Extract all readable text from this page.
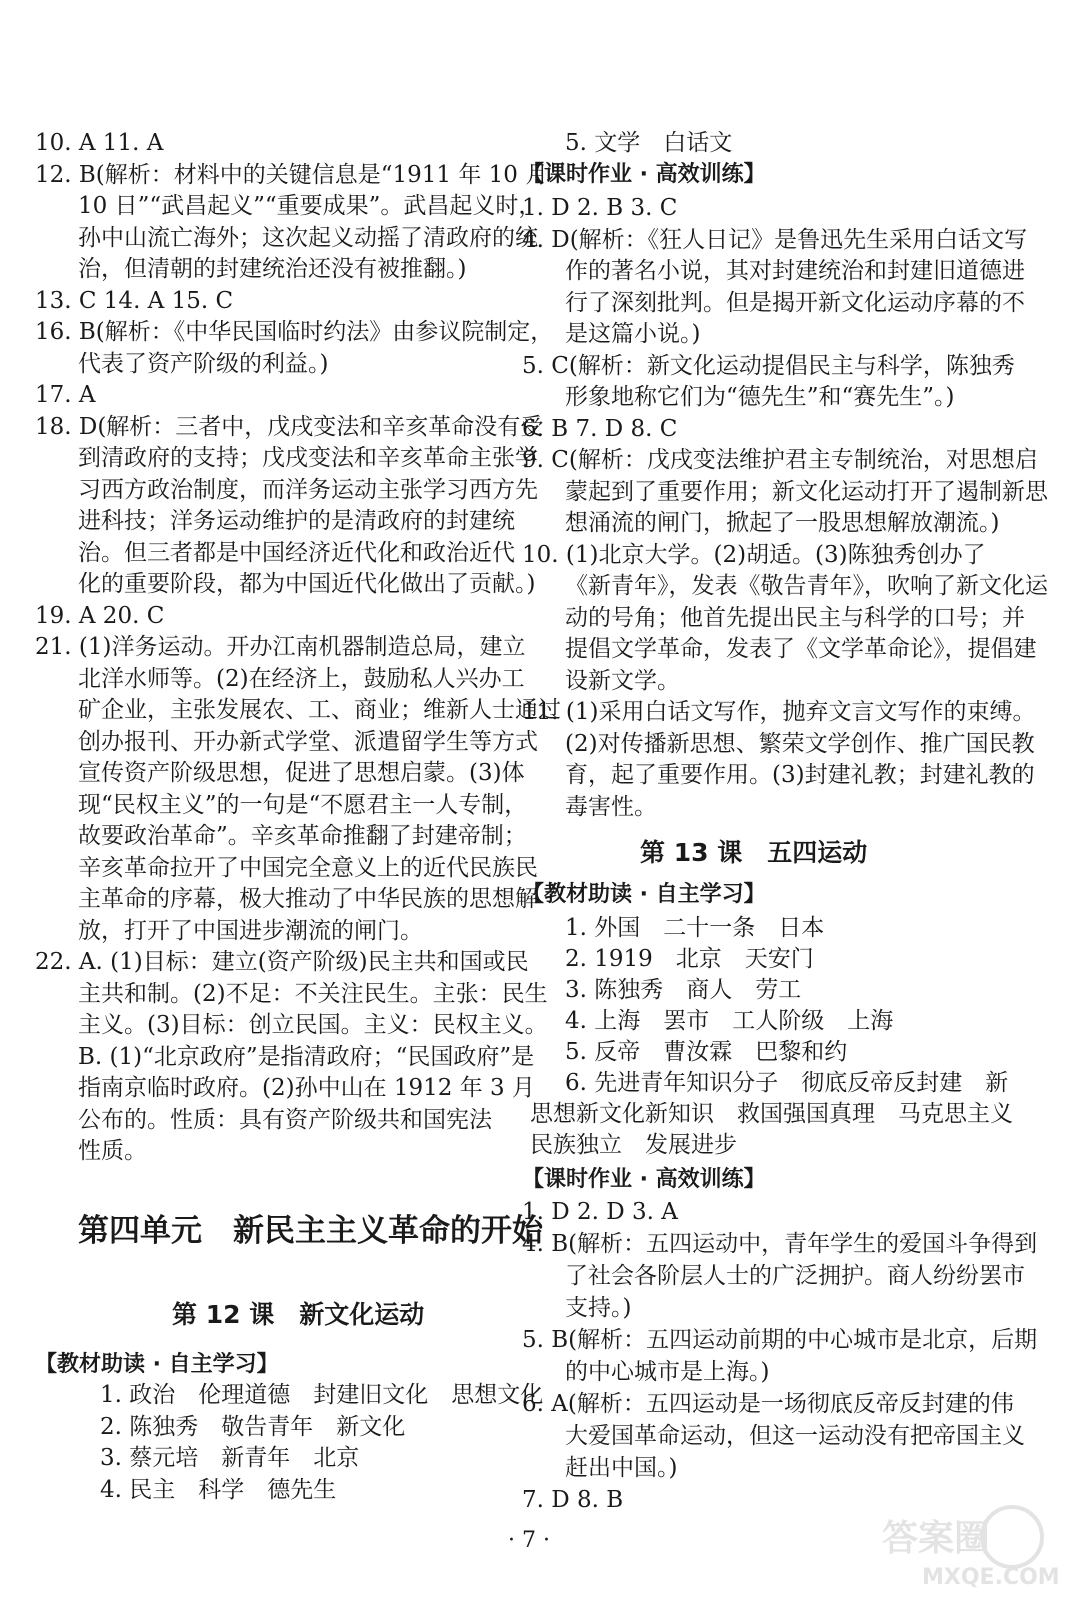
10. A 11. A
12. B(解析：材料中的关键信息是“1911 年 10 月
10 日”“武昌起义”“重要成果”。武昌起义时，
孙中山流亡海外；这次起义动摇了清政府的统
治，但清朝的封建统治还没有被推翻。)
13. C 14. A 15. C
16. B(解析：《中华民国临时约法》由参议院制定，
代表了资产阶级的利益。)
17. A
18. D(解析：三者中，戊戌变法和辛亥革命没有受
到清政府的支持；戊戌变法和辛亥革命主张学
习西方政治制度，而洋务运动主张学习西方先
进科技；洋务运动维护的是清政府的封建统
治。但三者都是中国经济近代化和政治近代
化的重要阶段，都为中国近代化做出了贡献。)
19. A 20. C
21. (1)洋务运动。开办江南机器制造总局，建立
北洋水师等。(2)在经济上，鼓励私人兴办工
矿企业，主张发展农、工、商业；维新人士通过
创办报刊、开办新式学堂、派遣留学生等方式
宣传资产阶级思想，促进了思想启蒙。(3)体
现“民权主义”的一句是“不愿君主一人专制，
故要政治革命”。辛亥革命推翻了封建帝制；
辛亥革命拉开了中国完全意义上的近代民族民
主革命的序幕，极大推动了中华民族的思想解
放，打开了中国进步潮流的闸门。
22. A. (1)目标：建立(资产阶级)民主共和国或民
主共和制。(2)不足：不关注民生。主张：民生
主义。(3)目标：创立民国。主义：民权主义。
B. (1)“北京政府”是指清政府；“民国政府”是
指南京临时政府。(2)孙中山在 1912 年 3 月
公布的。性质：具有资产阶级共和国宪法
性质。
第四单元　新民主主义革命的开始
第 12 课　新文化运动
【教材助读 · 自主学习】
1. 政治　伦理道德　封建旧文化　思想文化
2. 陈独秀　敬告青年　新文化
3. 蔡元培　新青年　北京
4. 民主　科学　德先生
5. 文学　白话文
【课时作业 · 高效训练】
1. D 2. B 3. C
4. D(解析：《狂人日记》是鲁迅先生采用白话文写
作的著名小说，其对封建统治和封建旧道德进
行了深刻批判。但是揭开新文化运动序幕的不
是这篇小说。)
5. C(解析：新文化运动提倡民主与科学，陈独秀
形象地称它们为“德先生”和“赛先生”。)
6. B 7. D 8. C
9. C(解析：戊戌变法维护君主专制统治，对思想启
蒙起到了重要作用；新文化运动打开了遏制新思
想涌流的闸门，掀起了一股思想解放潮流。)
10. (1)北京大学。(2)胡适。(3)陈独秀创办了
《新青年》，发表《敬告青年》，吹响了新文化运
动的号角；他首先提出民主与科学的口号；并
提倡文学革命，发表了《文学革命论》，提倡建
设新文学。
11. (1)采用白话文写作，抛弃文言文写作的束缚。
(2)对传播新思想、繁荣文学创作、推广国民教
育，起了重要作用。(3)封建礼教；封建礼教的
毒害性。
第 13 课　五四运动
【教材助读 · 自主学习】
1. 外国　二十一条　日本
2. 1919　北京　天安门
3. 陈独秀　商人　劳工
4. 上海　罢市　工人阶级　上海
5. 反帝　曹汝霖　巴黎和约
6. 先进青年知识分子　彻底反帝反封建　新
思想新文化新知识　救国强国真理　马克思主义
民族独立　发展进步
【课时作业 · 高效训练】
1. D 2. D 3. A
4. B(解析：五四运动中，青年学生的爱国斗争得到
了社会各阶层人士的广泛拥护。商人纷纷罢市
支持。)
5. B(解析：五四运动前期的中心城市是北京，后期
的中心城市是上海。)
6. A(解析：五四运动是一场彻底反帝反封建的伟
大爱国革命运动，但这一运动没有把帝国主义
赶出中国。)
7. D 8. B
· 7 ·	答案圈
MXQE.COM
